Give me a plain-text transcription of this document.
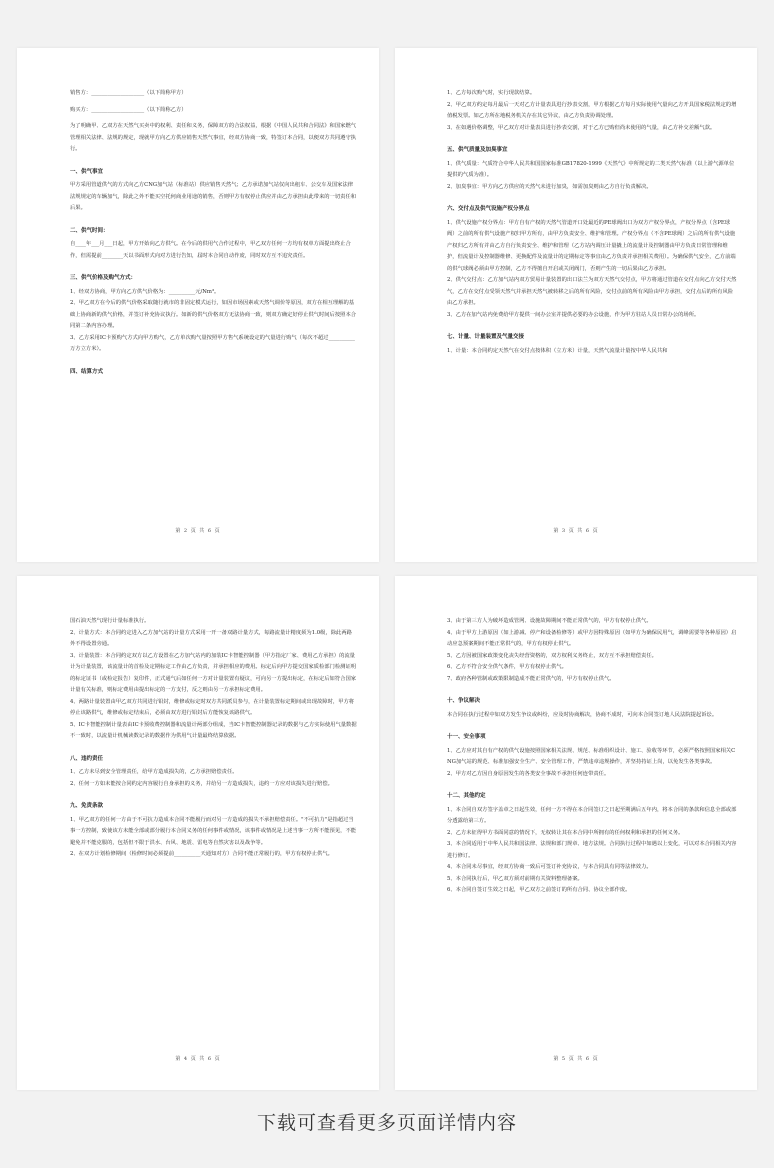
销售方：____________________（以下简称甲方）

购买方：____________________（以下简称乙方）

为了明确甲、乙双方在天然气买卖中的权利、责任和义务，保障双方的合法权益，根据《中国人民共和合同法》和国家燃气管理相关法律、法规的规定，现就甲方向乙方供应销售天然气事宜，经双方协商一致，特签订本合同，以便双方共同遵守执行。

一、供气事宜

甲方采用管道供气的方式向乙方CNG加气站（标准站）供应销售天然气；乙方承诺加气站仅向出租车、公交车及国家法律法规规定的车辆加气，除此之外不能买空托何商业用途的销售，否则甲方有权停止供应并由乙方承担由此带来的一切责任和后果。

二、供气时间：

自____年___月___日起，甲方开始向乙方供气。在今后的供用气合作过程中，甲乙双方任何一方均有权单方面提出终止合作，但需提前________天以书面形式向对方进行告知，届时本合同自动作废，同时双方互不追究责任。

三、供气价格及购气方式：

1、经双方协商，甲方向乙方供气价格为：__________元/Nm³。

2、甲乙双方在今后的供气价格采取随行就市的非固定模式运行，如因市场因素或天然气调价等原因，双方在相互理解的基础上协商新的供气价格，并签订补充协议执行。如新的供气价格双方无法协商一致，则双方确定好停止供气时间后按照本合同第二条内容办理。

3、乙方采用IC卡预购气方式向甲方购气，乙方单次购气量按照甲方售气系统设定的气量进行购气（每次不超过__________万方立方米）。

四、结算方式

第 2 页 共 6 页

1、乙方每次购气时，实行现款结算。

2、甲乙双方约定每月最后一天对乙方计量表具进行抄表交割，甲方根据乙方每月实际使用气量向乙方开具国家税法规定的增值税发票。如乙方所在地税务机关存在其它异议，由乙方负责协调处理。

3、在如遇价格调整，甲乙双方对计量表具进行抄表交割，对于乙方已购但尚未使用的气量，由乙方补交差额气款。

五、供气质量及加臭事宜

1、供气质量：气质符合中华人民共和国国家标准GB17820-1999《天然气》中所规定的二类天然气标准（以上游气源单位提供的气质为准）。

2、加臭事宜：甲方向乙方供应的天然气未进行加臭，如需加臭则由乙方自行负责解决。

六、交付点及供气设施产权分界点

1、供气设施产权分界点：甲方自有产权的天然气管道开口处最近的PE球阀出口为双方产权分界点，产权分界点（含PE球阀）之前的所有供气设施产权归甲方所有，由甲方负责安全、维护和管理。产权分界点（不含PE球阀）之后的所有供气设施产权归乙方所有并由乙方自行负责安全、维护和管理（乙方站内调压计量撬上的流量计及控制器由甲方负责日常管理和维护，但流量计及控制器维修、更换配件及流量计的定期标定等事宜由乙方负责并承担相关费用）。为确保供气安全，乙方前端的供气球阀必须由甲方控制，乙方不得擅自开启或关闭阀门，否则产生的一切后果由乙方承担。

2、供气交付点：乙方加气站内双方贸易计量装置的出口法兰为双方天然气交付点，甲方将通过管道在交付点向乙方交付天然气，乙方在交付点受领天然气并承担天然气被转移之后的所有风险，交付点前的所有风险由甲方承担，交付点后的所有风险由乙方承担。

3、乙方在加气站内免费给甲方提供一间办公室并提供必要的办公设施，作为甲方驻站人员日常办公的场所。

七、计量、计量装置及气量交接

1、计量：本合同约定天然气在交付点按体积（立方米）计量，天然气流量计量按中华人民共和

第 3 页 共 6 页

国石油天然气现行计量标准执行。

2、计量方式：本合同约定进入乙方加气站的计量方式采用一开一备双路计量方式，每路流量计精度须为1.0级，除此两路外不得设置旁通。

3、计量装置：本合同约定双方以乙方设置在乙方加气站内的加装IC卡智能控制器（甲方指定厂家、费用乙方承担）的流量计为计量装置，该流量计的首检及定期标定工作由乙方负责，并承担相应的费用。标定后向甲方提交国家质检部门检测证明的标定证书（或检定报告）复印件，正式通气后如任何一方对计量装置有疑议，可向另一方提出标定，在标定后如符合国家计量有关标准，则标定费用由提出标定的一方支付，反之则由另一方承担标定费用。

4、两路计量装置由甲乙双方共同进行铅封，维修或标定时双方共同派员参与，在计量装置标定期间或出现故障时，甲方将停止该路供气，维修或标定结束后，必须由双方进行铅封后方能恢复该路供气。

5、IC卡智能控制计量表由IC卡预收费控制器和流量计两部分组成，当IC卡智能控制器记录的数据与乙方实际使用气量数据不一致时，以流量计机械读数记录的数据作为供用气计量最终结算依据。

八、违约责任

1、乙方未尽到安全管理责任，给甲方造成损失的，乙方承担赔偿责任。

2、任何一方如未能按合同约定内容履行自身承担的义务，并给另一方造成损失，违约一方应对该损失进行赔偿。

九、免责条款

1、甲乙双方的任何一方由于不可抗力造成本合同不能履行而对另一方造成的损失不承担赔偿责任。"不可抗力"是指超过当事一方控制，致使该方未能全部或部分履行本合同义务的任何事件或情况，该事件或情况是上述当事一方所不能预见，不能避免并不能克服的，包括但不限于洪水、台风、地震、雷电等自然灾害以及战争等。

2、在双方计划检修期间（检修时间必须提前__________天通知对方）合同不能正常履行的，甲方有权停止供气。

第 4 页 共 6 页

3、由于第三方人为破坏造成管网、设施故障期间不能正常供气的，甲方有权停止供气。

4、由于甲方上游原因（如上游减、停产和设备检修等）或甲方因特殊原因（如甲方为确保民用气，调峰需要等各种原因）启动应急预案期间不能正常供气的，甲方有权停止供气。

5、乙方因被国家政策变化丧失经营资格的，双方权利义务终止，双方互不承担赔偿责任。

6、乙方不符合安全供气条件，甲方有权停止供气。

7、政府各种管制或政策限制造成不能正常供气的，甲方有权停止供气。

十、争议解决

本合同在执行过程中如双方发生争议或纠纷，应及时协商解决，协商不成时，可向本合同签订地人民法院提起诉讼。

十一、安全事项

1、乙方应对其自有产权的供气设施按照国家相关法规、规范、标准组织设计、施工、验收等环节，必须严格按照国家相关CNG加气站的规范、标准加强安全生产、安全管理工作，严禁违章违规操作，并坚持持证上岗，以免发生各类事故。

2、甲方对乙方因自身原因发生的各类安全事故不承担任何连带责任。

十二、其他约定

1、本合同自双方签字盖章之日起生效，任何一方不得在本合同签订之日起至期满后五年内，将本合同的条款和信息全部或部分透露给第三方。

2、乙方未征得甲方书面同意的情况下，无权转让其在本合同中所拥有的任何权利和承担的任何义务。

3、本合同适用于中华人民共和国法律、法规和部门规章、地方法规。合同执行过程中如遇以上变化，可以对本合同相关内容进行修订。

4、本合同未尽事宜，经双方协商一致后可签订补充协议，与本合同具有同等法律效力。

5、本合同执行后，甲乙双方须对前期有关资料整理备案。

6、本合同自签订生效之日起，甲乙双方之前签订的所有合同、协议全部作废。

第 5 页 共 6 页
下载可查看更多页面详情内容
